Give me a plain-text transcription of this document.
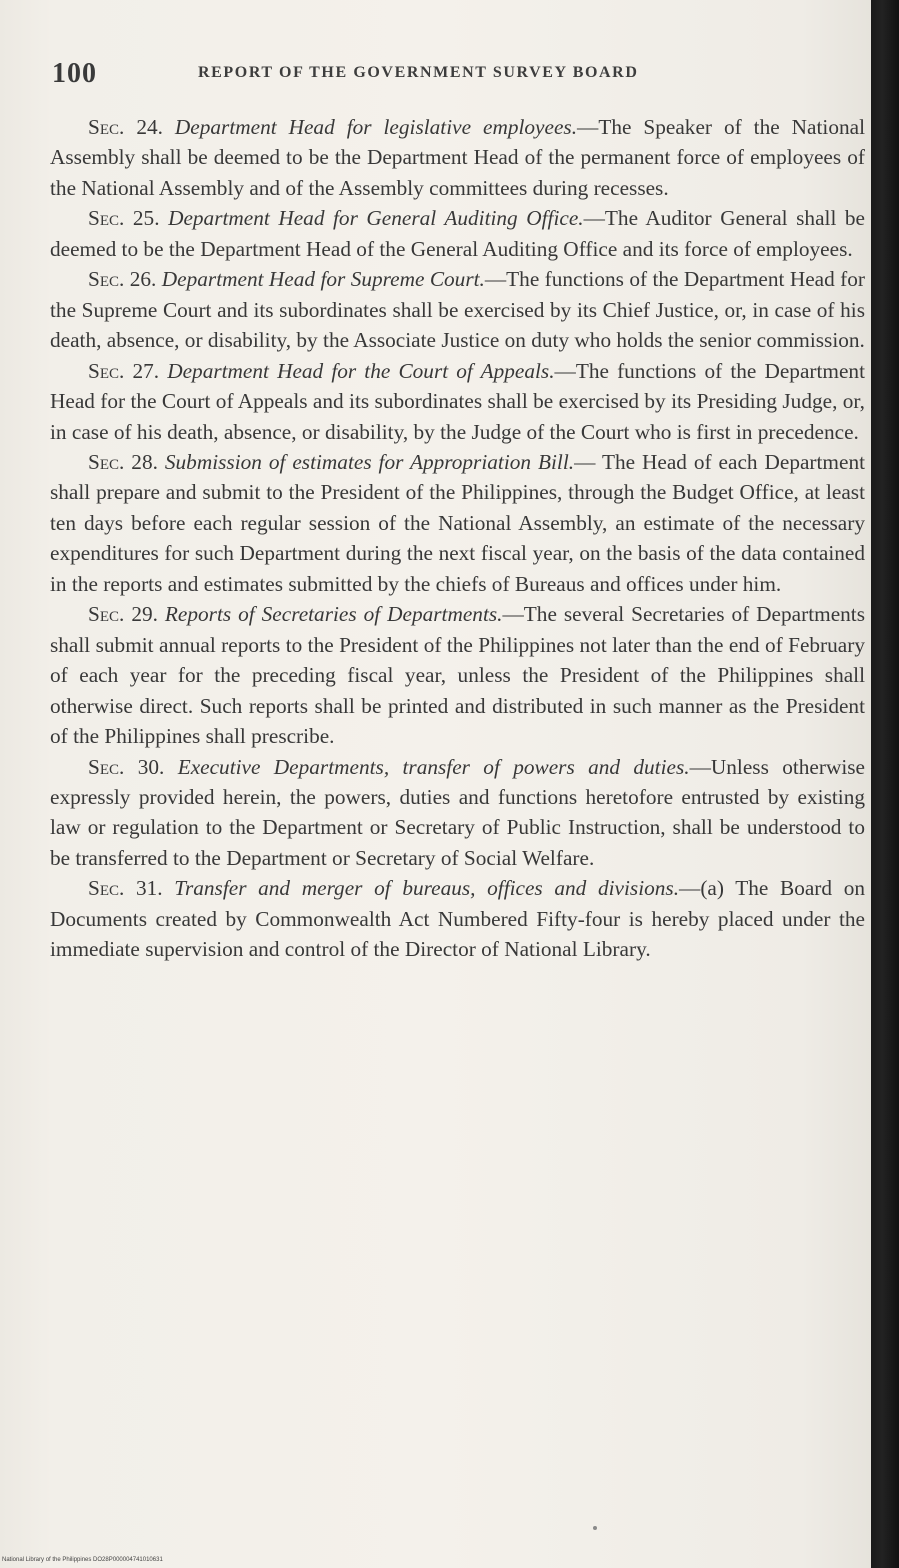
100	REPORT OF THE GOVERNMENT SURVEY BOARD

Sec. 24. Department Head for legislative employees.—The Speaker of the National Assembly shall be deemed to be the Department Head of the permanent force of employees of the National Assembly and of the Assembly committees during recesses.

Sec. 25. Department Head for General Auditing Office.—The Auditor General shall be deemed to be the Department Head of the General Auditing Office and its force of employees.

Sec. 26. Department Head for Supreme Court.—The functions of the Department Head for the Supreme Court and its subordinates shall be exercised by its Chief Justice, or, in case of his death, absence, or disability, by the Associate Justice on duty who holds the senior commission.

Sec. 27. Department Head for the Court of Appeals.—The functions of the Department Head for the Court of Appeals and its subordinates shall be exercised by its Presiding Judge, or, in case of his death, absence, or disability, by the Judge of the Court who is first in precedence.

Sec. 28. Submission of estimates for Appropriation Bill.— The Head of each Department shall prepare and submit to the President of the Philippines, through the Budget Office, at least ten days before each regular session of the National Assembly, an estimate of the necessary expenditures for such Department during the next fiscal year, on the basis of the data contained in the reports and estimates submitted by the chiefs of Bureaus and offices under him.

Sec. 29. Reports of Secretaries of Departments.—The several Secretaries of Departments shall submit annual reports to the President of the Philippines not later than the end of February of each year for the preceding fiscal year, unless the President of the Philippines shall otherwise direct. Such reports shall be printed and distributed in such manner as the President of the Philippines shall prescribe.

Sec. 30. Executive Departments, transfer of powers and duties.—Unless otherwise expressly provided herein, the powers, duties and functions heretofore entrusted by existing law or regulation to the Department or Secretary of Public Instruction, shall be understood to be transferred to the Department or Secretary of Social Welfare.

Sec. 31. Transfer and merger of bureaus, offices and divisions.—(a) The Board on Documents created by Commonwealth Act Numbered Fifty-four is hereby placed under the immediate supervision and control of the Director of National Library.

National Library of the Philippines DO28P000004741010631
